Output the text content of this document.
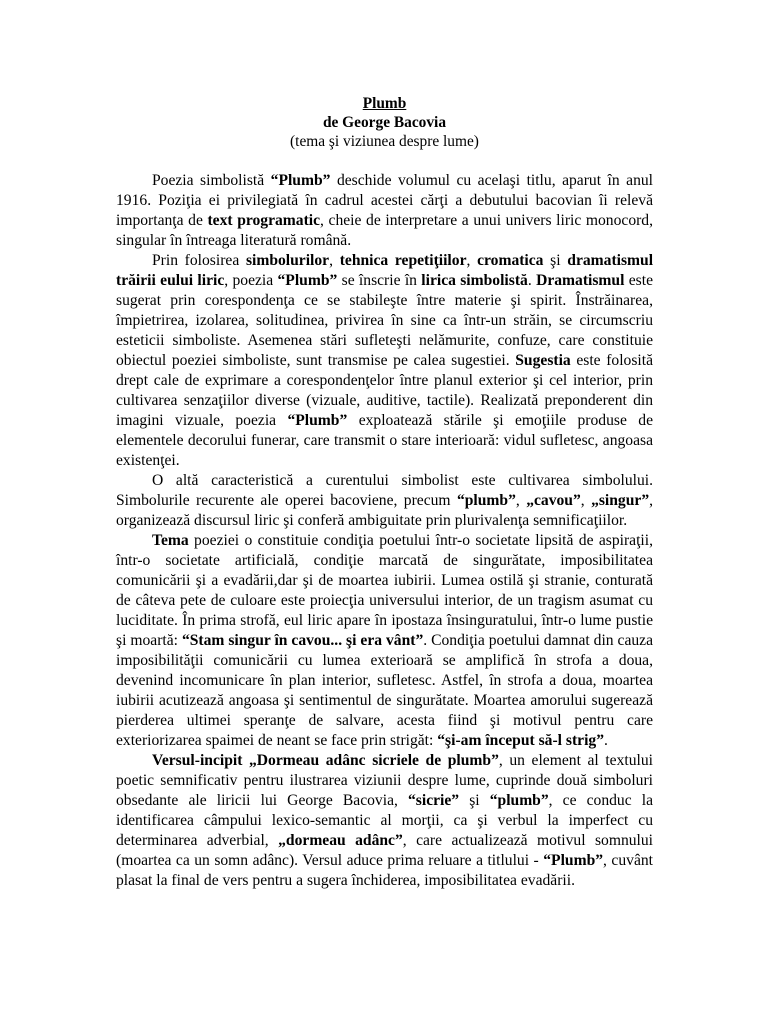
Plumb
de George Bacovia
(tema şi viziunea despre lume)

Poezia simbolistă “Plumb” deschide volumul cu acelaşi titlu, aparut în anul 1916. Poziţia ei privilegiată în cadrul acestei cărţi a debutului bacovian îi relevă importanţa de text programatic, cheie de interpretare a unui univers liric monocord, singular în întreaga literatură română.

Prin folosirea simbolurilor, tehnica repetiţiilor, cromatica şi dramatismul trăirii eului liric, poezia “Plumb” se înscrie în lirica simbolistă. Dramatismul este sugerat prin corespondenţa ce se stabileşte între materie şi spirit. Înstrăinarea, împietrirea, izolarea, solitudinea, privirea în sine ca într-un străin, se circumscriu esteticii simboliste. Asemenea stări sufleteşti nelămurite, confuze, care constituie obiectul poeziei simboliste, sunt transmise pe calea sugestiei. Sugestia este folosită drept cale de exprimare a corespondenţelor între planul exterior şi cel interior, prin cultivarea senzaţiilor diverse (vizuale, auditive, tactile). Realizată preponderent din imagini vizuale, poezia “Plumb” exploatează stările şi emoţiile produse de elementele decorului funerar, care transmit o stare interioară: vidul sufletesc, angoasa existenţei.

O altă caracteristică a curentului simbolist este cultivarea simbolului. Simbolurile recurente ale operei bacoviene, precum “plumb”, „cavou”, „singur”, organizează discursul liric şi conferă ambiguitate prin plurivalenţa semnificaţiilor.

Tema poeziei o constituie condiţia poetului într-o societate lipsită de aspiraţii, într-o societate artificială, condiţie marcată de singurătate, imposibilitatea comunicării şi a evadării,dar şi de moartea iubirii. Lumea ostilă şi stranie, conturată de câteva pete de culoare este proiecţia universului interior, de un tragism asumat cu luciditate. În prima strofă, eul liric apare în ipostaza însinguratului, într-o lume pustie şi moartă: “Stam singur în cavou... şi era vânt”. Condiţia poetului damnat din cauza imposibilităţii comunicării cu lumea exterioară se amplifică în strofa a doua, devenind incomunicare în plan interior, sufletesc. Astfel, în strofa a doua, moartea iubirii acutizează angoasa şi sentimentul de singurătate. Moartea amorului sugerează pierderea ultimei speranţe de salvare, acesta fiind şi motivul pentru care exteriorizarea spaimei de neant se face prin strigăt: “şi-am început să-l strig”.

Versul-incipit „Dormeau adânc sicriele de plumb”, un element al textului poetic semnificativ pentru ilustrarea viziunii despre lume, cuprinde două simboluri obsedante ale liricii lui George Bacovia, “sicrie” şi “plumb”, ce conduc la identificarea câmpului lexico-semantic al morţii, ca şi verbul la imperfect cu determinarea adverbial, „dormeau adânc”, care actualizează motivul somnului (moartea ca un somn adânc). Versul aduce prima reluare a titlului - “Plumb”, cuvânt plasat la final de vers pentru a sugera închiderea, imposibilitatea evadării.
